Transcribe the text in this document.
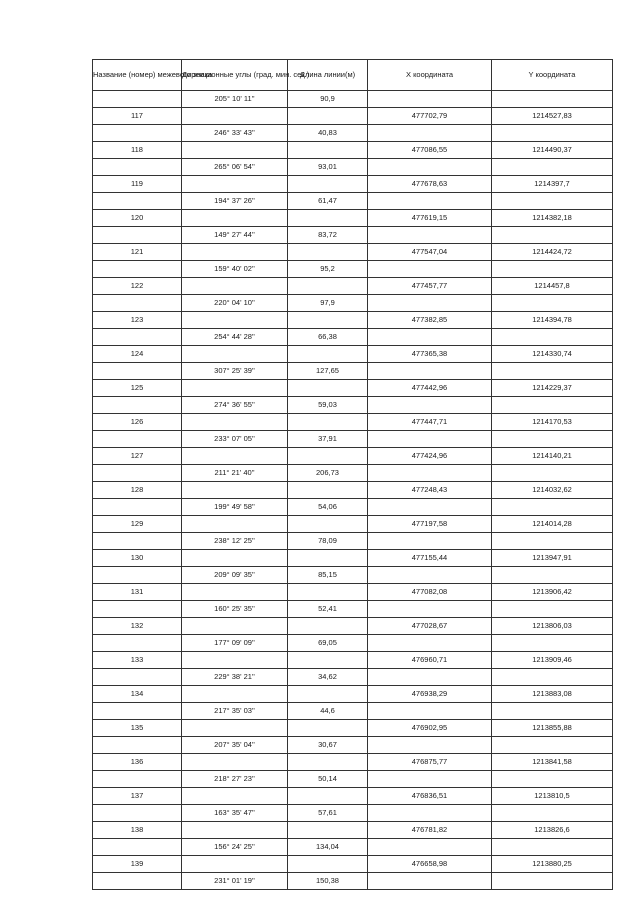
Название (номер) межевого знака	Дирекционные углы (град. мин. сек.)	Длина линии(м)	X координата	Y координата
	205° 10' 11''	90,9		
117			477702,79	1214527,83
	246° 33' 43''	40,83		
118			477086,55	1214490,37
	265° 06' 54''	93,01		
119			477678,63	1214397,7
	194° 37' 26''	61,47		
120			477619,15	1214382,18
	149° 27' 44''	83,72		
121			477547,04	1214424,72
	159° 40' 02''	95,2		
122			477457,77	1214457,8
	220° 04' 10''	97,9		
123			477382,85	1214394,78
	254° 44' 28''	66,38		
124			477365,38	1214330,74
	307° 25' 39''	127,65		
125			477442,96	1214229,37
	274° 36' 55''	59,03		
126			477447,71	1214170,53
	233° 07' 05''	37,91		
127			477424,96	1214140,21
	211° 21' 40''	206,73		
128			477248,43	1214032,62
	199° 49' 58''	54,06		
129			477197,58	1214014,28
	238° 12' 25''	78,09		
130			477155,44	1213947,91
	209° 09' 35''	85,15		
131			477082,08	1213906,42
	160° 25' 35''	52,41		
132			477028,67	1213806,03
	177° 09' 09''	69,05		
133			476960,71	1213909,46
	229° 38' 21''	34,62		
134			476938,29	1213883,08
	217° 35' 03''	44,6		
135			476902,95	1213855,88
	207° 35' 04''	30,67		
136			476875,77	1213841,58
	218° 27' 23''	50,14		
137			476836,51	1213810,5
	163° 35' 47''	57,61		
138			476781,82	1213826,6
	156° 24' 25''	134,04		
139			476658,98	1213880,25
	231° 01' 19''	150,38		
